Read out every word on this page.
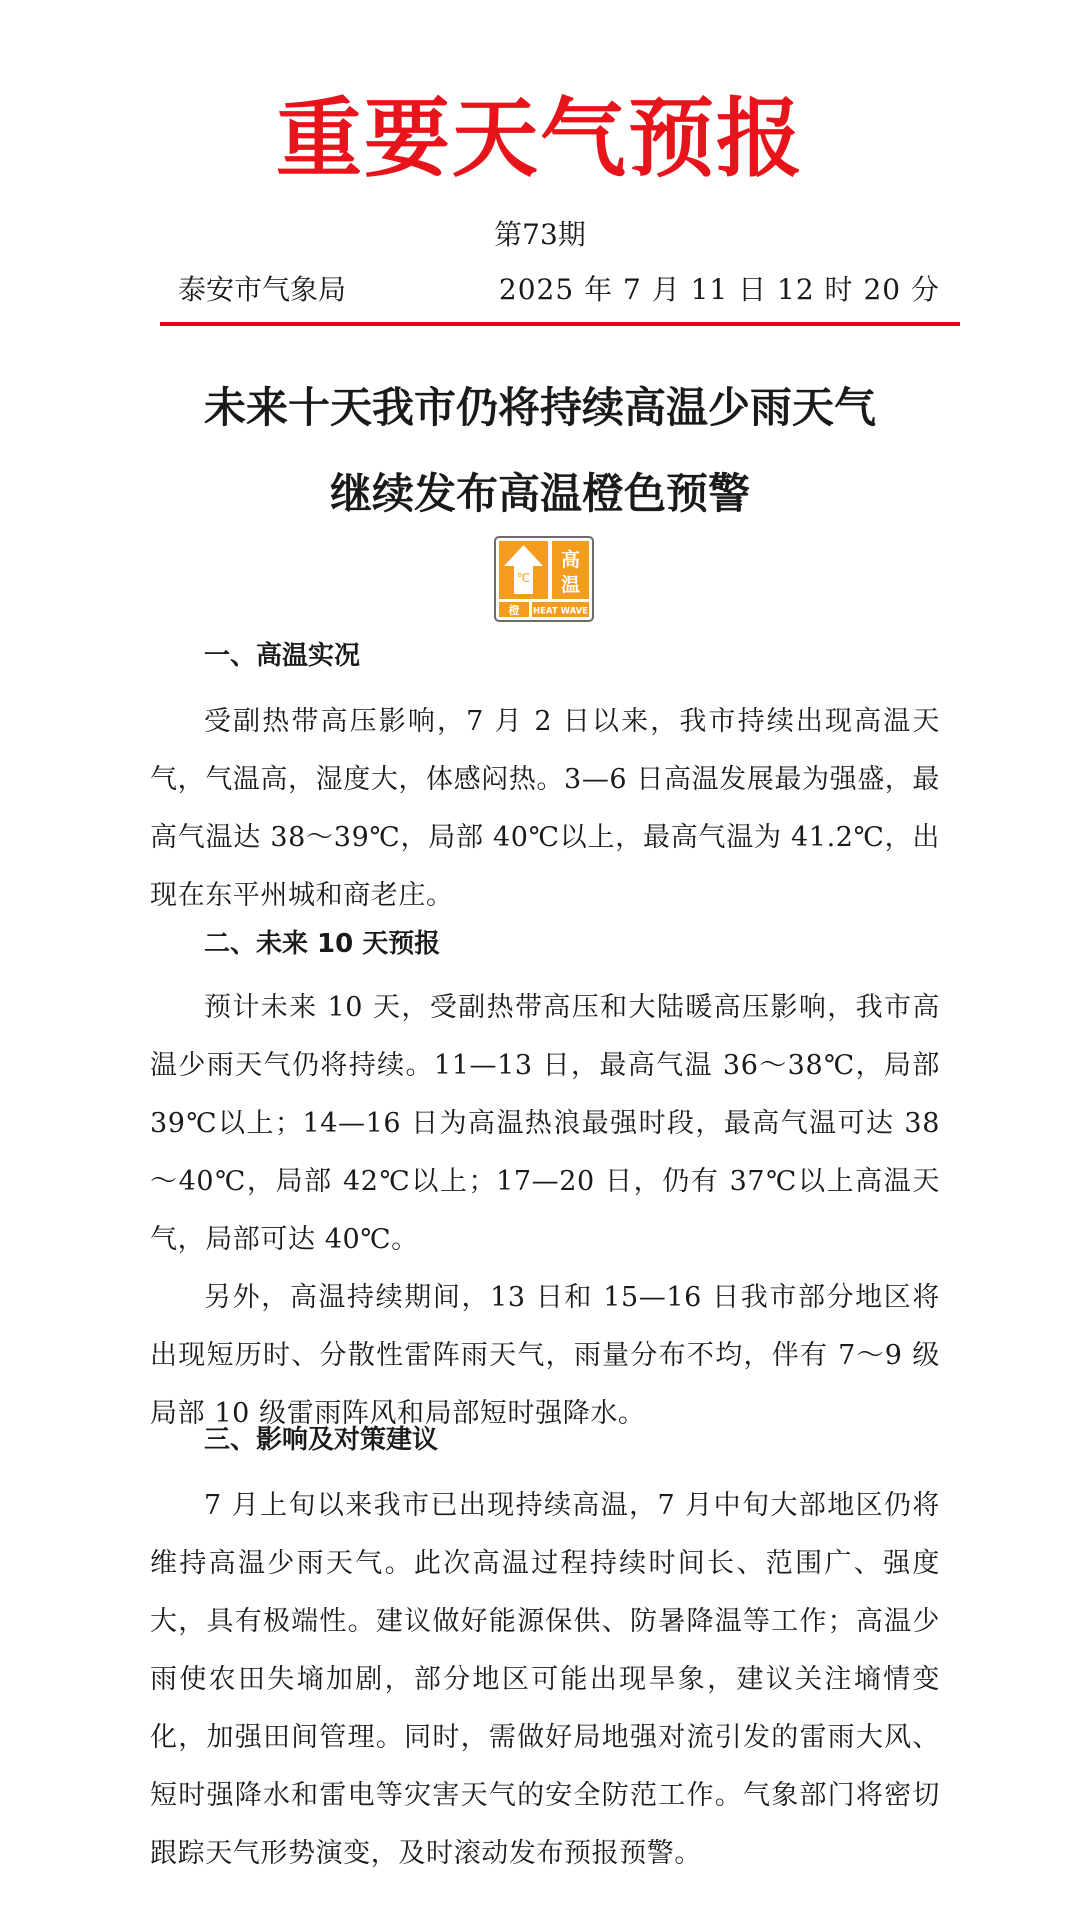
重要天气预报
第73期
泰安市气象局	2025 年 7 月 11 日 12 时 20 分
未来十天我市仍将持续高温少雨天气
继续发布高温橙色预警
℃
高
温
橙 HEAT WAVE
一、高温实况

受副热带高压影响，7 月 2 日以来，我市持续出现高温天气，气温高，湿度大，体感闷热。3—6 日高温发展最为强盛，最高气温达 38～39℃，局部 40℃以上，最高气温为 41.2℃，出现在东平州城和商老庄。

二、未来 10 天预报

预计未来 10 天，受副热带高压和大陆暖高压影响，我市高温少雨天气仍将持续。11—13 日，最高气温 36～38℃，局部 39℃以上；14—16 日为高温热浪最强时段，最高气温可达 38～40℃，局部 42℃以上；17—20 日，仍有 37℃以上高温天气，局部可达 40℃。

另外，高温持续期间，13 日和 15—16 日我市部分地区将出现短历时、分散性雷阵雨天气，雨量分布不均，伴有 7～9 级局部 10 级雷雨阵风和局部短时强降水。

三、影响及对策建议

7 月上旬以来我市已出现持续高温，7 月中旬大部地区仍将维持高温少雨天气。此次高温过程持续时间长、范围广、强度大，具有极端性。建议做好能源保供、防暑降温等工作；高温少雨使农田失墒加剧，部分地区可能出现旱象，建议关注墒情变化，加强田间管理。同时，需做好局地强对流引发的雷雨大风、短时强降水和雷电等灾害天气的安全防范工作。气象部门将密切跟踪天气形势演变，及时滚动发布预报预警。
